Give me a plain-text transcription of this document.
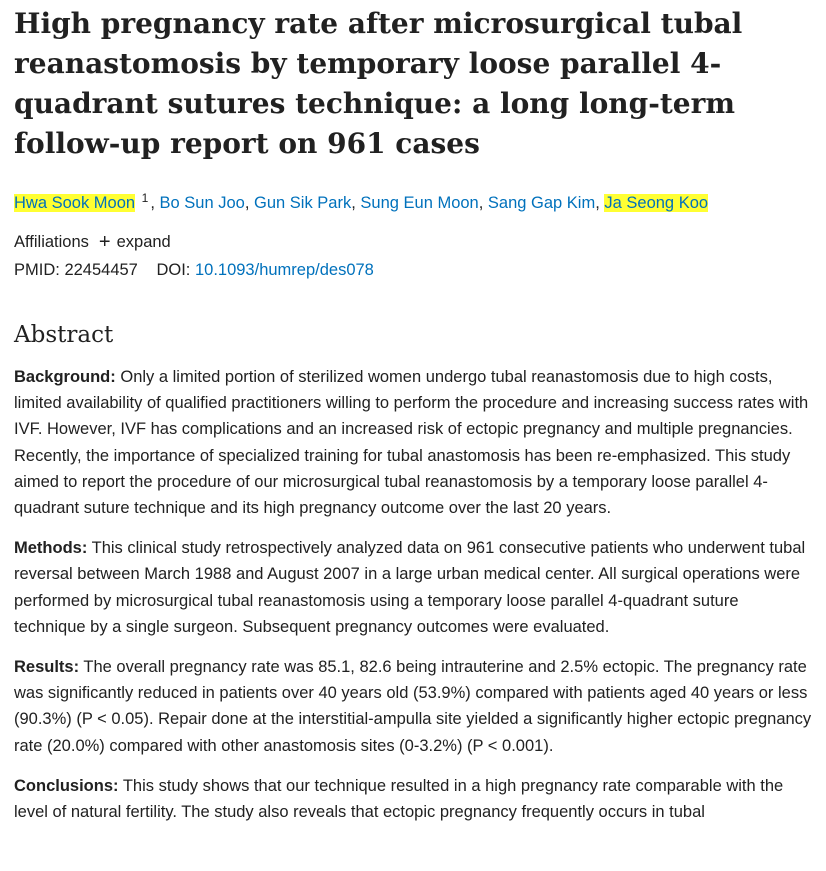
High pregnancy rate after microsurgical tubal reanastomosis by temporary loose parallel 4-quadrant sutures technique: a long long-term follow-up report on 961 cases
Hwa Sook Moon $^1$ , Bo Sun Joo, Gun Sik Park, Sung Eun Moon, Sang Gap Kim, Ja Seong Koo
Affiliations + expand
PMID: 22454457 DOI: 10.1093/humrep/des078
Abstract

Background: Only a limited portion of sterilized women undergo tubal reanastomosis due to high costs, limited availability of qualified practitioners willing to perform the procedure and increasing success rates with IVF. However, IVF has complications and an increased risk of ectopic pregnancy and multiple pregnancies. Recently, the importance of specialized training for tubal anastomosis has been re-emphasized. This study aimed to report the procedure of our microsurgical tubal reanastomosis by a temporary loose parallel 4-quadrant suture technique and its high pregnancy outcome over the last 20 years.

Methods: This clinical study retrospectively analyzed data on 961 consecutive patients who underwent tubal reversal between March 1988 and August 2007 in a large urban medical center. All surgical operations were performed by microsurgical tubal reanastomosis using a temporary loose parallel 4-quadrant suture technique by a single surgeon. Subsequent pregnancy outcomes were evaluated.

Results: The overall pregnancy rate was 85.1, 82.6 being intrauterine and 2.5% ectopic. The pregnancy rate was significantly reduced in patients over 40 years old (53.9%) compared with patients aged 40 years or less (90.3%) (P < 0.05). Repair done at the interstitial-ampulla site yielded a significantly higher ectopic pregnancy rate (20.0%) compared with other anastomosis sites (0-3.2%) (P < 0.001).

Conclusions: This study shows that our technique resulted in a high pregnancy rate comparable with the level of natural fertility. The study also reveals that ectopic pregnancy frequently occurs in tubal
